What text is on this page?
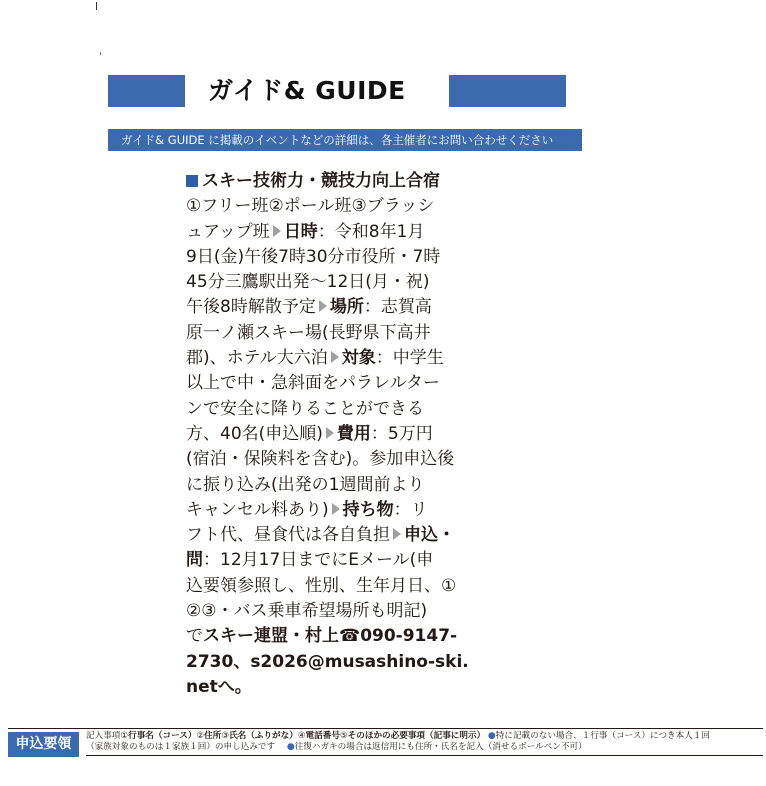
ガイド& GUIDE
ガイド& GUIDE に掲載のイベントなどの詳細は、各主催者にお問い合わせください
スキー技術力・競技力向上合宿
①フリー班②ポール班③ブラッシ
ュアップ班 日時：令和8年1月
9日(金)午後7時30分市役所・7時
45分三鷹駅出発～12日(月・祝)
午後8時解散予定 場所：志賀高
原一ノ瀬スキー場(長野県下高井
郡)、ホテル大六泊 対象：中学生
以上で中・急斜面をパラレルター
ンで安全に降りることができる
方、40名(申込順) 費用：5万円
(宿泊・保険料を含む)。参加申込後
に振り込み(出発の1週間前より
キャンセル料あり) 持ち物：リ
フト代、昼食代は各自負担 申込・
問：12月17日までにEメール(申
込要領参照し、性別、生年月日、①
②③・バス乗車希望場所も明記)
でスキー連盟・村上☎090-9147-
2730、s2026@musashino-ski.
netへ。
申込要領	記入事項①行事名（コース）②住所③氏名（ふりがな）④電話番号⑤そのほかの必要事項（記事に明示） ●特に記載のない場合、１行事（コース）につき本人１回
（家族対象のものは１家族１回）の申し込みです 　●往復ハガキの場合は返信用にも住所・氏名を記入（消せるボールペン不可）
